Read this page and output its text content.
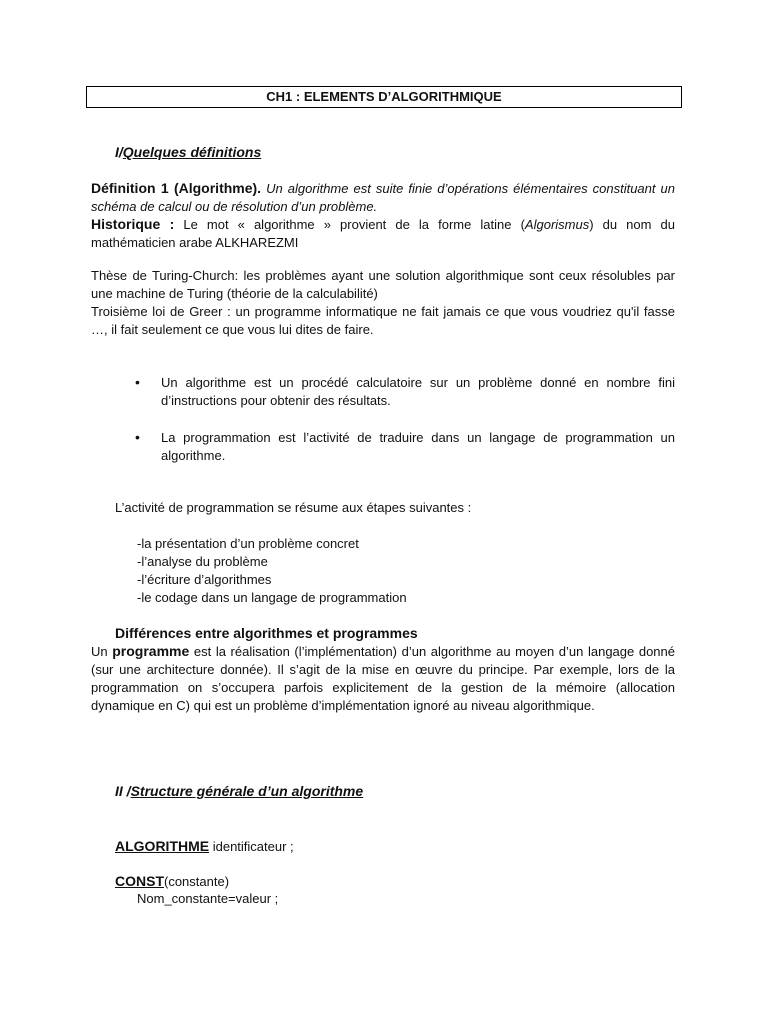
CH1 : ELEMENTS D’ALGORITHMIQUE
I/Quelques définitions
Définition 1 (Algorithme). Un algorithme est suite finie d’opérations élémentaires constituant un schéma de calcul ou de résolution d’un problème.
Historique : Le mot « algorithme » provient de la forme latine (Algorismus) du nom du mathématicien arabe ALKHAREZMI
Thèse de Turing-Church: les problèmes ayant une solution algorithmique sont ceux résolubles par une machine de Turing (théorie de la calculabilité)
Troisième loi de Greer : un programme informatique ne fait jamais ce que vous voudriez qu'il fasse …, il fait seulement ce que vous lui dites de faire.
• Un algorithme est un procédé calculatoire sur un problème donné en nombre fini d’instructions pour obtenir des résultats.
• La programmation est l’activité de traduire dans un langage de programmation un algorithme.
L’activité de programmation se résume aux étapes suivantes :
-la présentation d’un problème concret
-l’analyse du problème
-l’écriture d’algorithmes
-le codage dans un langage de programmation
Différences entre algorithmes et programmes
Un programme est la réalisation (l’implémentation) d’un algorithme au moyen d’un langage donné (sur une architecture donnée). Il s’agit de la mise en œuvre du principe. Par exemple, lors de la programmation on s’occupera parfois explicitement de la gestion de la mémoire (allocation dynamique en C) qui est un problème d’implémentation ignoré au niveau algorithmique.
II /Structure générale d’un algorithme
ALGORITHME identificateur ;
CONST(constante)
Nom_constante=valeur ;
